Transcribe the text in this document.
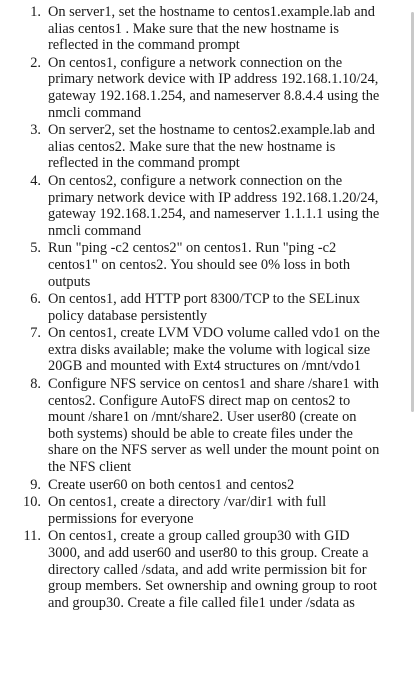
1. On server1, set the hostname to centos1.example.lab and
alias centos1 . Make sure that the new hostname is
reflected in the command prompt
2. On centos1, configure a network connection on the
primary network device with IP address 192.168.1.10/24,
gateway 192.168.1.254, and nameserver 8.8.4.4 using the
nmcli command
3. On server2, set the hostname to centos2.example.lab and
alias centos2. Make sure that the new hostname is
reflected in the command prompt
4. On centos2, configure a network connection on the
primary network device with IP address 192.168.1.20/24,
gateway 192.168.1.254, and nameserver 1.1.1.1 using the
nmcli command
5. Run "ping -c2 centos2" on centos1. Run "ping -c2
centos1" on centos2. You should see 0% loss in both
outputs
6. On centos1, add HTTP port 8300/TCP to the SELinux
policy database persistently
7. On centos1, create LVM VDO volume called vdo1 on the
extra disks available; make the volume with logical size
20GB and mounted with Ext4 structures on /mnt/vdo1
8. Configure NFS service on centos1 and share /share1 with
centos2. Configure AutoFS direct map on centos2 to
mount /share1 on /mnt/share2. User user80 (create on
both systems) should be able to create files under the
share on the NFS server as well under the mount point on
the NFS client
9. Create user60 on both centos1 and centos2
10. On centos1, create a directory /var/dir1 with full
permissions for everyone
11. On centos1, create a group called group30 with GID
3000, and add user60 and user80 to this group. Create a
directory called /sdata, and add write permission bit for
group members. Set ownership and owning group to root
and group30. Create a file called file1 under /sdata as
